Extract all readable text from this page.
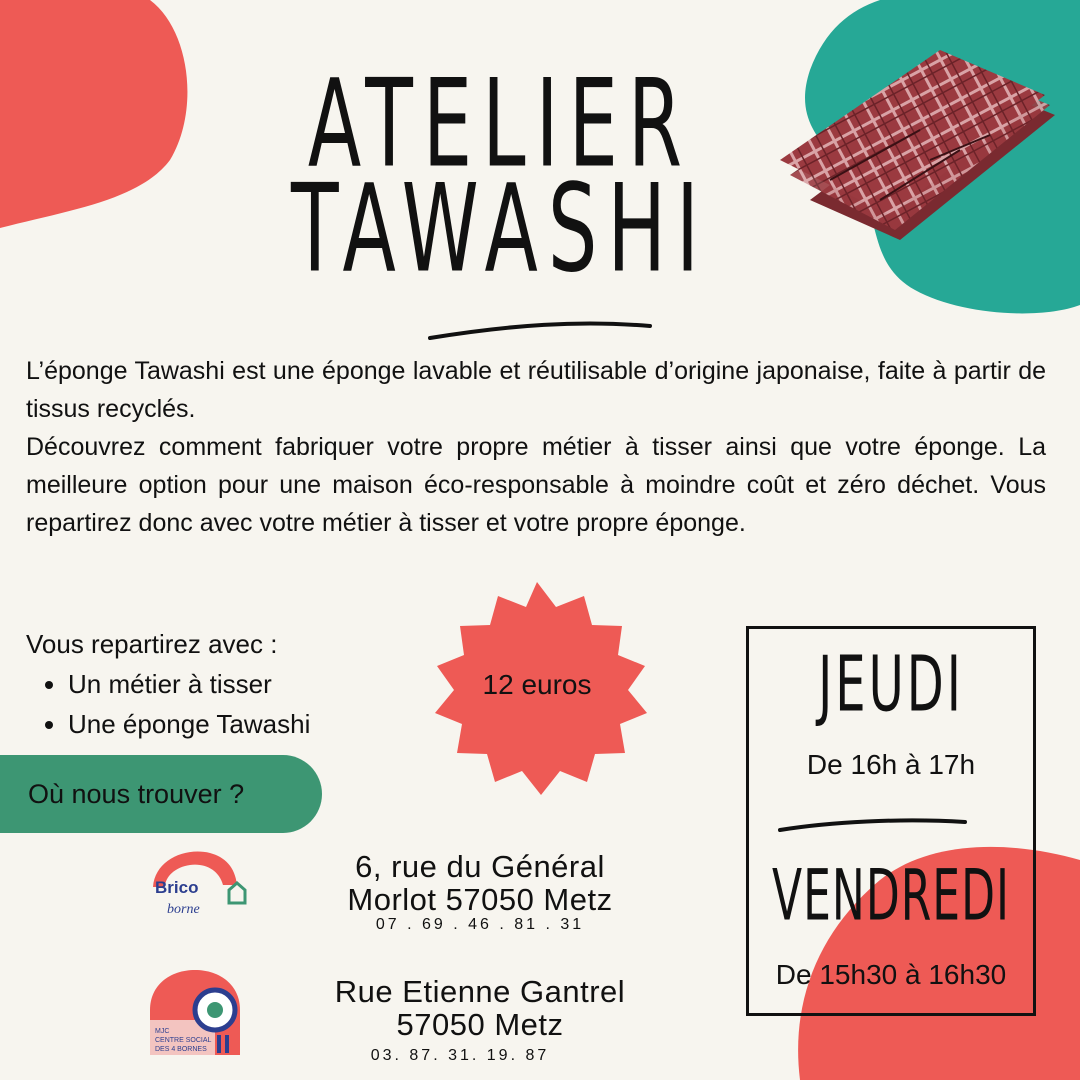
ATELIER
TAWASHI

L’éponge Tawashi est une éponge lavable et réutilisable d’origine japonaise, faite à partir de tissus recyclés.

Découvrez comment fabriquer votre propre métier à tisser ainsi que votre éponge. La meilleure option pour une maison éco-responsable à moindre coût et zéro déchet. Vous repartirez donc avec votre métier à tisser et votre propre éponge.

Vous repartirez avec :
• Un métier à tisser
• Une éponge Tawashi
12 euros
Où nous trouver ?
Brico
borne
6, rue du Général
Morlot 57050 Metz
07 . 69 . 46 . 81 . 31
MJC
CENTRE SOCIAL
DES 4 BORNES
Rue Etienne Gantrel
57050 Metz
03. 87. 31. 19. 87
JEUDI
De 16h à 17h
VENDREDI
De 15h30 à 16h30
